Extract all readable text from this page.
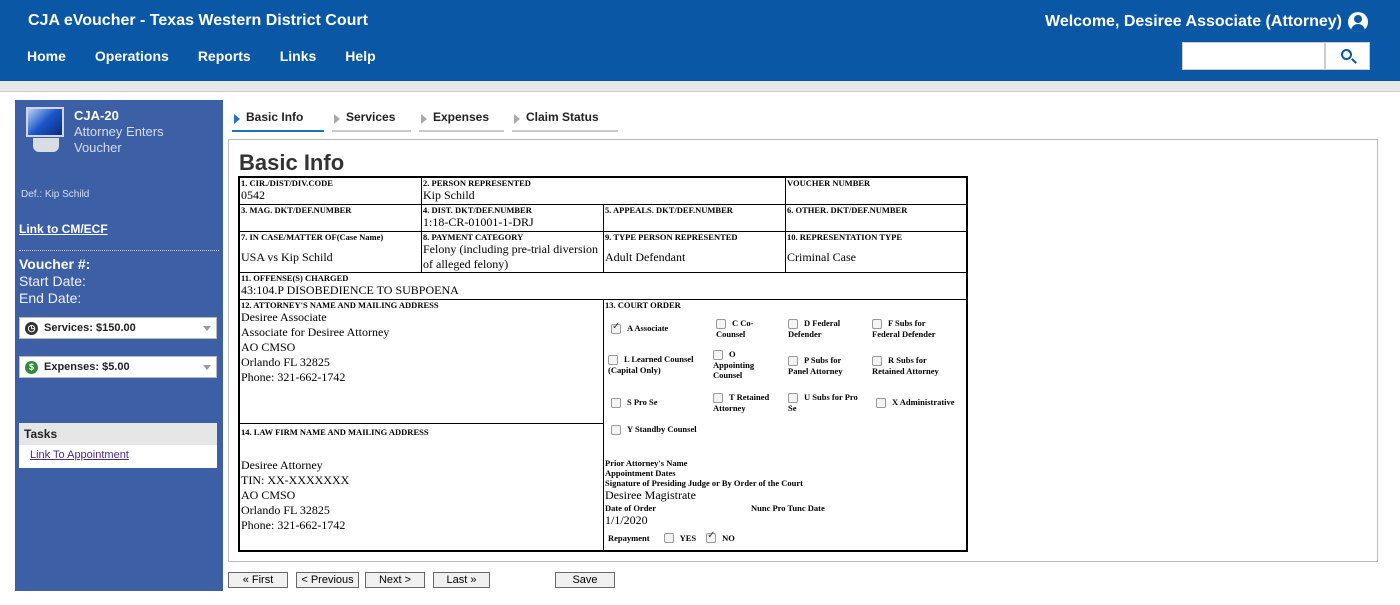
CJA eVoucher - Texas Western District Court	Welcome, Desiree Associate (Attorney)
Home Operations Reports Links Help
CJA-20
Attorney Enters Voucher
Def.: Kip Schild
Link to CM/ECF
Voucher #:
Start Date:
End Date:
◷ Services: $150.00
$ Expenses: $5.00
Tasks
Link To Appointment
Basic Info	Services	Expenses	Claim Status
Basic Info
1. CIR./DIST/DIV.CODE
0542
2. PERSON REPRESENTED
Kip Schild
VOUCHER NUMBER
3. MAG. DKT/DEF.NUMBER	4. DIST. DKT/DEF.NUMBER
1:18-CR-01001-1-DRJ
5. APPEALS. DKT/DEF.NUMBER	6. OTHER. DKT/DEF.NUMBER
7. IN CASE/MATTER OF(Case Name)
USA vs Kip Schild
8. PAYMENT CATEGORY
Felony (including pre-trial diversion of alleged felony)
9. TYPE PERSON REPRESENTED
Adult Defendant
10. REPRESENTATION TYPE
Criminal Case
11. OFFENSE(S) CHARGED
43:104.P DISOBEDIENCE TO SUBPOENA
12. ATTORNEY'S NAME AND MAILING ADDRESS
Desiree Associate
Associate for Desiree Attorney
AO CMSO
Orlando FL 32825
Phone: 321-662-1742
14. LAW FIRM NAME AND MAILING ADDRESS
Desiree Attorney
TIN: XX-XXXXXXX
AO CMSO
Orlando FL 32825
Phone: 321-662-1742
13. COURT ORDER
✓A Associate	C Co-Counsel
D Federal Defender
F Subs for Federal Defender
L Learned Counsel (Capital Only)
O Appointing Counsel
P Subs for Panel Attorney
R Subs for Retained Attorney
S Pro Se	T Retained Attorney
U Subs for Pro Se
X Administrative
Y Standby Counsel
Prior Attorney's Name
Appointment Dates
Signature of Presiding Judge or By Order of the Court
Desiree Magistrate
Date of Order	Nunc Pro Tunc Date
1/1/2020
Repayment	YES
✓	NO
« First	< Previous	Next >	Last »	Save
